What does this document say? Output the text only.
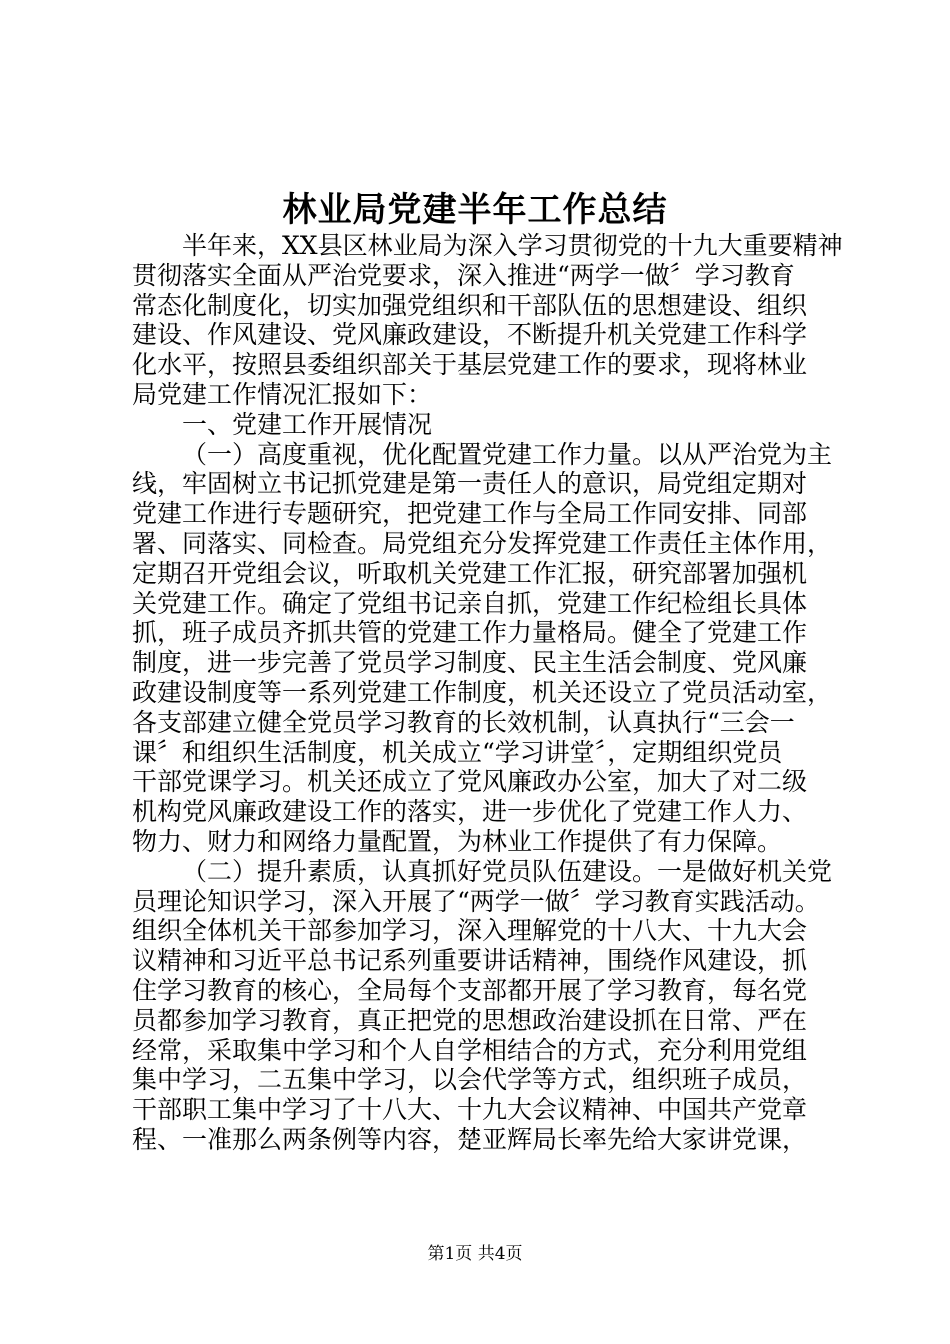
林业局党建半年工作总结
半年来，XX县区林业局为深入学习贯彻党的十九大重要精神
贯彻落实全面从严治党要求，深入推进“两学一做〞学习教育
常态化制度化，切实加强党组织和干部队伍的思想建设、组织
建设、作风建设、党风廉政建设，不断提升机关党建工作科学
化水平，按照县委组织部关于基层党建工作的要求，现将林业
局党建工作情况汇报如下：
一、党建工作开展情况
（一）高度重视，优化配置党建工作力量。以从严治党为主
线，牢固树立书记抓党建是第一责任人的意识，局党组定期对
党建工作进行专题研究，把党建工作与全局工作同安排、同部
署、同落实、同检查。局党组充分发挥党建工作责任主体作用，
定期召开党组会议，听取机关党建工作汇报，研究部署加强机
关党建工作。确定了党组书记亲自抓，党建工作纪检组长具体
抓，班子成员齐抓共管的党建工作力量格局。健全了党建工作
制度，进一步完善了党员学习制度、民主生活会制度、党风廉
政建设制度等一系列党建工作制度，机关还设立了党员活动室，
各支部建立健全党员学习教育的长效机制，认真执行“三会一
课〞和组织生活制度，机关成立“学习讲堂〞，定期组织党员
干部党课学习。机关还成立了党风廉政办公室，加大了对二级
机构党风廉政建设工作的落实，进一步优化了党建工作人力、
物力、财力和网络力量配置，为林业工作提供了有力保障。
（二）提升素质，认真抓好党员队伍建设。一是做好机关党
员理论知识学习，深入开展了“两学一做〞学习教育实践活动。
组织全体机关干部参加学习，深入理解党的十八大、十九大会
议精神和习近平总书记系列重要讲话精神，围绕作风建设，抓
住学习教育的核心，全局每个支部都开展了学习教育，每名党
员都参加学习教育，真正把党的思想政治建设抓在日常、严在
经常，采取集中学习和个人自学相结合的方式，充分利用党组
集中学习，二五集中学习，以会代学等方式，组织班子成员，
干部职工集中学习了十八大、十九大会议精神、中国共产党章
程、一准那么两条例等内容，楚亚辉局长率先给大家讲党课，
第1页 共4页
